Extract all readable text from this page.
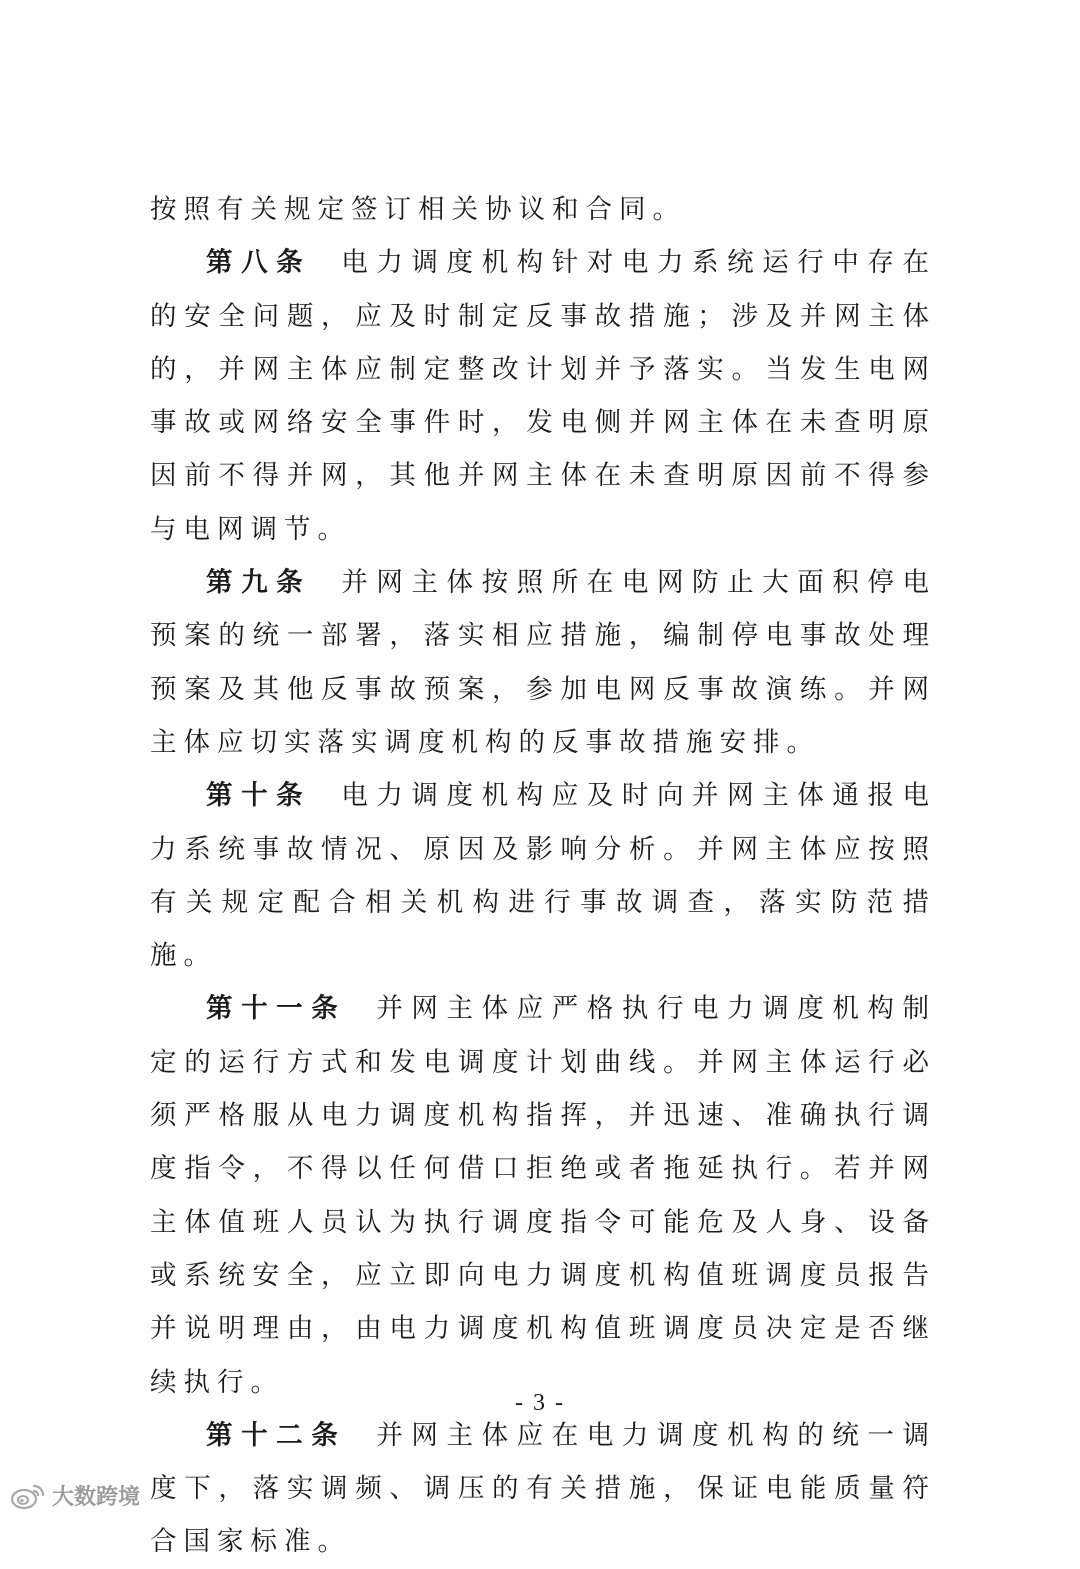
按照有关规定签订相关协议和合同。

第八条 电力调度机构针对电力系统运行中存在的安全问题，应及时制定反事故措施；涉及并网主体的，并网主体应制定整改计划并予落实。当发生电网事故或网络安全事件时，发电侧并网主体在未查明原因前不得并网，其他并网主体在未查明原因前不得参与电网调节。

第九条 并网主体按照所在电网防止大面积停电预案的统一部署，落实相应措施，编制停电事故处理预案及其他反事故预案，参加电网反事故演练。并网主体应切实落实调度机构的反事故措施安排。

第十条 电力调度机构应及时向并网主体通报电力系统事故情况、原因及影响分析。并网主体应按照有关规定配合相关机构进行事故调查，落实防范措施。

第十一条 并网主体应严格执行电力调度机构制定的运行方式和发电调度计划曲线。并网主体运行必须严格服从电力调度机构指挥，并迅速、准确执行调度指令，不得以任何借口拒绝或者拖延执行。若并网主体值班人员认为执行调度指令可能危及人身、设备或系统安全，应立即向电力调度机构值班调度员报告并说明理由，由电力调度机构值班调度员决定是否继续执行。

第十二条 并网主体应在电力调度机构的统一调度下，落实调频、调压的有关措施，保证电能质量符合国家标准。

- 3 -
大数跨境
